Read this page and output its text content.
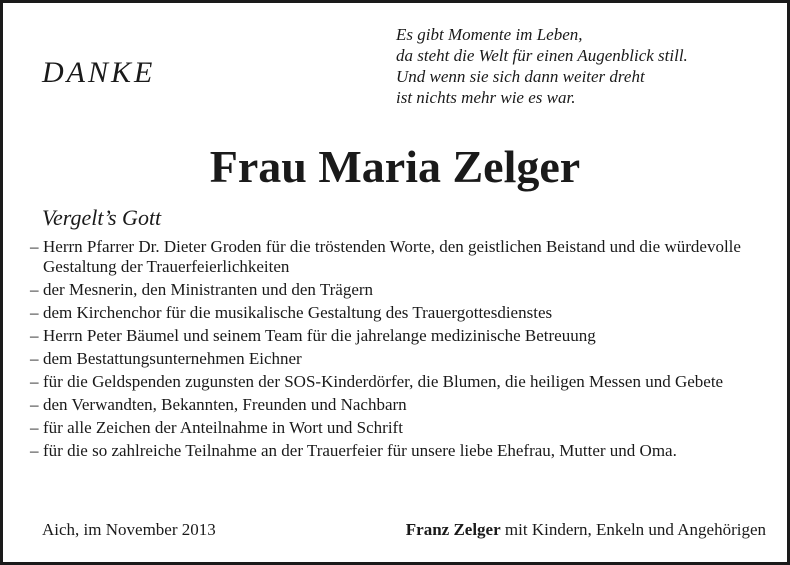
DANKE
Es gibt Momente im Leben,
da steht die Welt für einen Augenblick still.
Und wenn sie sich dann weiter dreht
ist nichts mehr wie es war.
Frau Maria Zelger
Vergelt’s Gott
– Herrn Pfarrer Dr. Dieter Groden für die tröstenden Worte, den geistlichen Beistand und die würdevolle Gestaltung der Trauerfeierlichkeiten
– der Mesnerin, den Ministranten und den Trägern
– dem Kirchenchor für die musikalische Gestaltung des Trauergottesdienstes
– Herrn Peter Bäumel und seinem Team für die jahrelange medizinische Betreuung
– dem Bestattungsunternehmen Eichner
– für die Geldspenden zugunsten der SOS-Kinderdörfer, die Blumen, die heiligen Messen und Gebete
– den Verwandten, Bekannten, Freunden und Nachbarn
– für alle Zeichen der Anteilnahme in Wort und Schrift
– für die so zahlreiche Teilnahme an der Trauerfeier für unsere liebe Ehefrau, Mutter und Oma.
Aich, im November 2013	Franz Zelger mit Kindern, Enkeln und Angehörigen
